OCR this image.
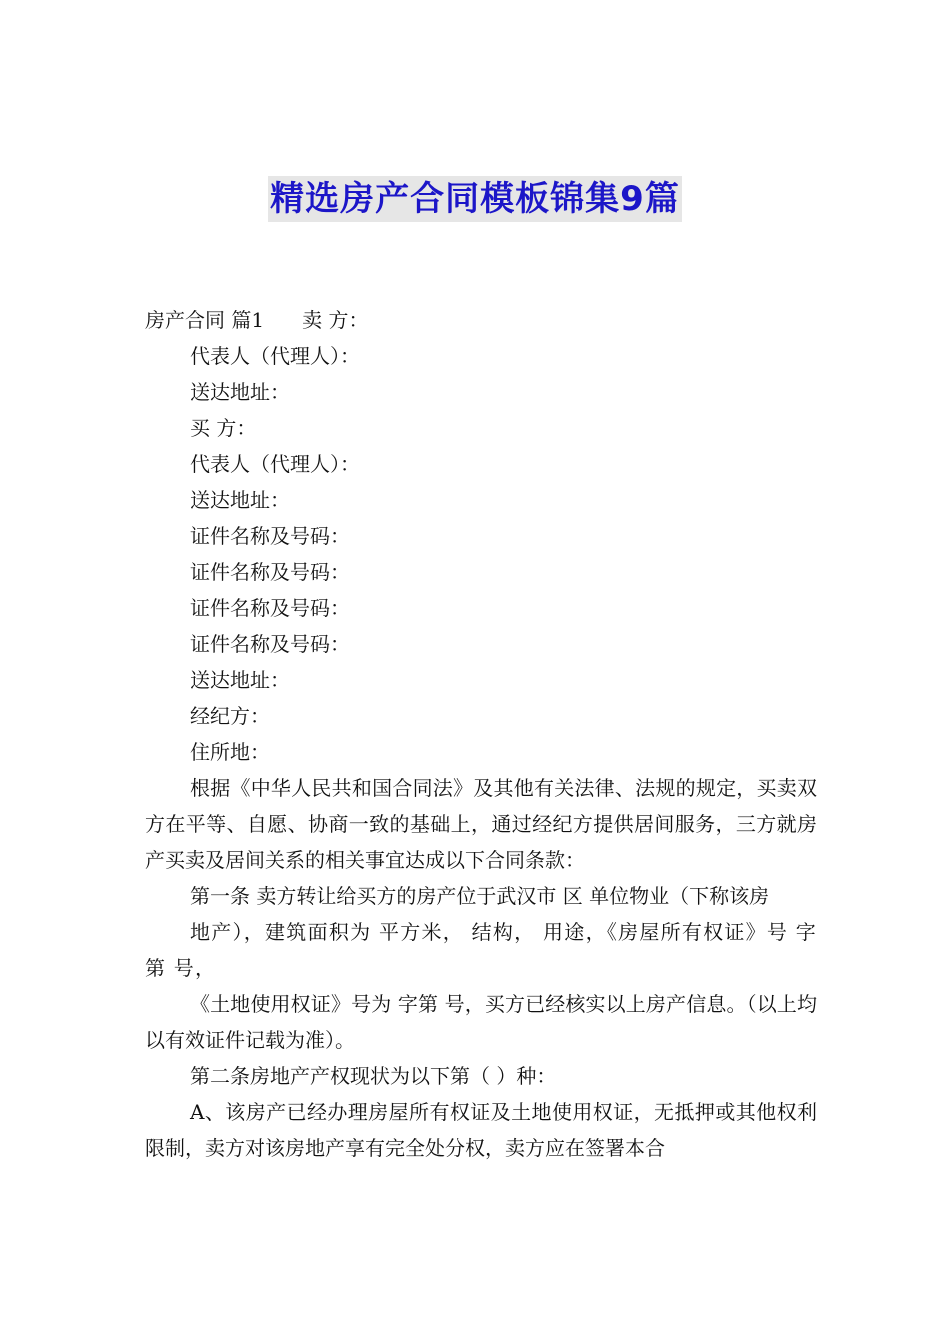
精选房产合同模板锦集9篇
房产合同 篇1 卖 方：
代表人（代理人）：
送达地址：
买 方：
代表人（代理人）：
送达地址：
证件名称及号码：
证件名称及号码：
证件名称及号码：
证件名称及号码：
送达地址：
经纪方：
住所地：
根据《中华人民共和国合同法》及其他有关法律、法规的规定，买卖双方在平等、自愿、协商一致的基础上，通过经纪方提供居间服务，三方就房产买卖及居间关系的相关事宜达成以下合同条款：
第一条 卖方转让给买方的房产位于武汉市 区 单位物业（下称该房
地产），建筑面积为 平方米， 结构， 用途，《房屋所有权证》号 字第 号，
《土地使用权证》号为 字第 号，买方已经核实以上房产信息。（以上均以有效证件记载为准）。
第二条房地产产权现状为以下第（ ）种：
A、该房产已经办理房屋所有权证及土地使用权证，无抵押或其他权利限制，卖方对该房地产享有完全处分权，卖方应在签署本合
